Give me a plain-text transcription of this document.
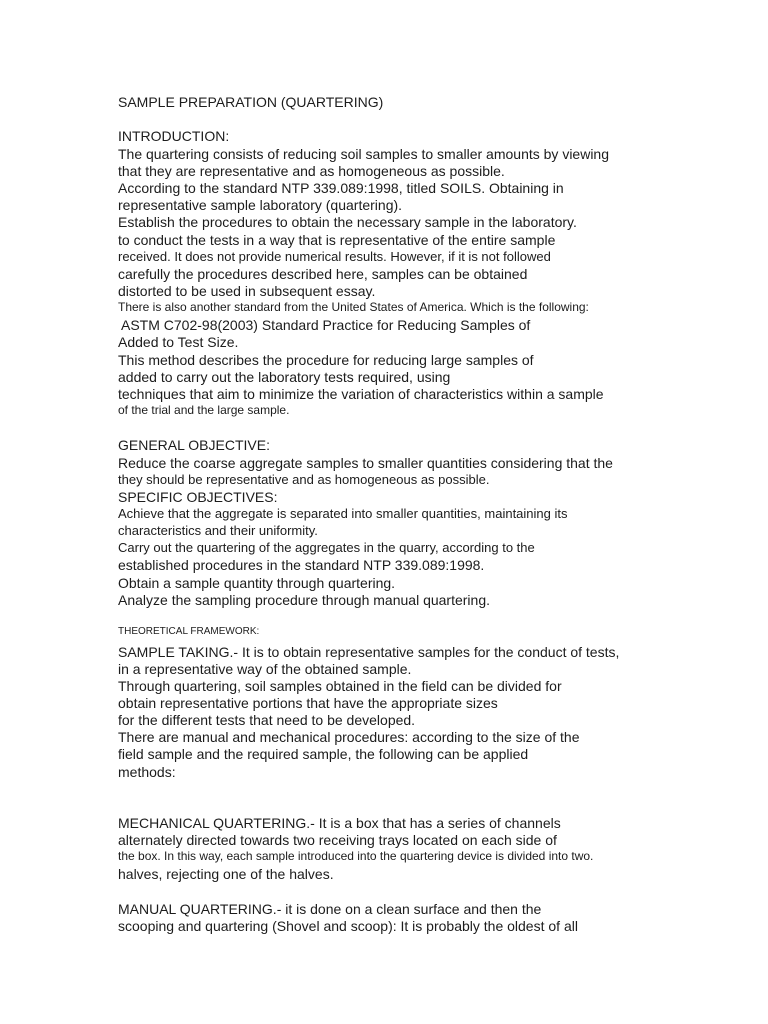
SAMPLE PREPARATION (QUARTERING)
INTRODUCTION:
The quartering consists of reducing soil samples to smaller amounts by viewing
that they are representative and as homogeneous as possible.
According to the standard NTP 339.089:1998, titled SOILS. Obtaining in
representative sample laboratory (quartering).
Establish the procedures to obtain the necessary sample in the laboratory.
to conduct the tests in a way that is representative of the entire sample
received. It does not provide numerical results. However, if it is not followed
carefully the procedures described here, samples can be obtained
distorted to be used in subsequent essay.
There is also another standard from the United States of America. Which is the following:
ASTM C702-98(2003) Standard Practice for Reducing Samples of
Added to Test Size.
This method describes the procedure for reducing large samples of
added to carry out the laboratory tests required, using
techniques that aim to minimize the variation of characteristics within a sample
of the trial and the large sample.
GENERAL OBJECTIVE:
Reduce the coarse aggregate samples to smaller quantities considering that the
they should be representative and as homogeneous as possible.
SPECIFIC OBJECTIVES:
Achieve that the aggregate is separated into smaller quantities, maintaining its
characteristics and their uniformity.
Carry out the quartering of the aggregates in the quarry, according to the
established procedures in the standard NTP 339.089:1998.
Obtain a sample quantity through quartering.
Analyze the sampling procedure through manual quartering.
THEORETICAL FRAMEWORK:
SAMPLE TAKING.- It is to obtain representative samples for the conduct of tests,
in a representative way of the obtained sample.
Through quartering, soil samples obtained in the field can be divided for
obtain representative portions that have the appropriate sizes
for the different tests that need to be developed.
There are manual and mechanical procedures: according to the size of the
field sample and the required sample, the following can be applied
methods:
MECHANICAL QUARTERING.- It is a box that has a series of channels
alternately directed towards two receiving trays located on each side of
the box. In this way, each sample introduced into the quartering device is divided into two.
halves, rejecting one of the halves.
MANUAL QUARTERING.- it is done on a clean surface and then the
scooping and quartering (Shovel and scoop): It is probably the oldest of all
